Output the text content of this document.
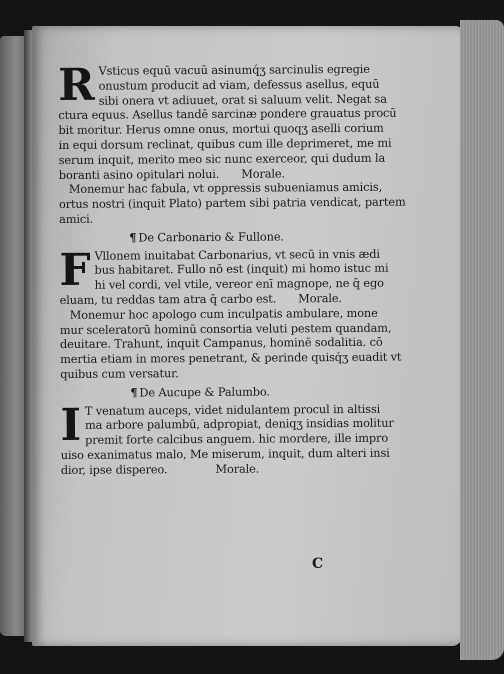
R Vsticus equū vacuū asinumq́ʒ sarcinulis egregie
onustum producit ad viam, defessus asellus, equū
sibi onera vt adiuuet, orat si saluum velit. Negat sa
ctura equus. Asellus tandē sarcinæ pondere grauatus procū
bit moritur. Herus omne onus, mortui quoqʒ aselli corium
in equi dorsum reclinat, quibus cum ille deprimeret, me mi
serum inquit, merito meo sic nunc exerceor, qui dudum la
boranti asino opitulari nolui. Morale.
Monemur hac fabula, vt oppressis subueniamus amicis,
ortus nostri (inquit Plato) partem sibi patria vendicat, partem
amici.
¶ De Carbonario & Fullone.
F Vllonem inuitabat Carbonarius, vt secū in vnis ædi
bus habitaret. Fullo nō est (inquit) mi homo istuc mi
hi vel cordi, vel vtile, vereor enī magnope, ne q̄ ego
eluam, tu reddas tam atra q̄ carbo est. Morale.
Monemur hoc apologo cum inculpatis ambulare, mone
mur sceleratorū hominū consortia veluti pestem quandam,
deuitare. Trahunt, inquit Campanus, hominē sodalitia. cō
mertia etiam in mores penetrant, & perinde quisq́ʒ euadit vt
quibus cum versatur.
¶ De Aucupe & Palumbo.
I T venatum auceps, videt nidulantem procul in altissi
ma arbore palumbū, adpropiat, deniqʒ insidias molitur
premit forte calcibus anguem. hic mordere, ille impro
uiso exanimatus malo, Me miserum, inquit, dum alteri insi
dior, ipse dispereo.	Morale.
C
